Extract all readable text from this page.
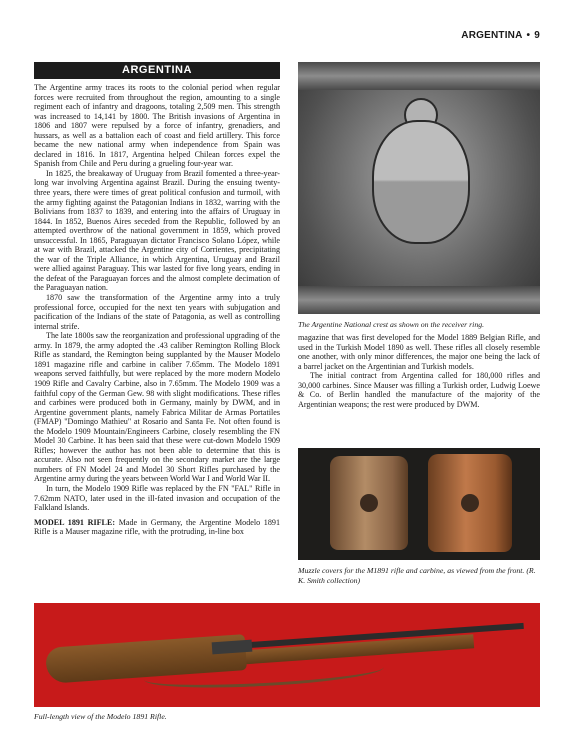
ARGENTINA • 9
ARGENTINA

The Argentine army traces its roots to the colonial period when regular forces were recruited from throughout the region, amounting to a single regiment each of infantry and dragoons, totaling 2,509 men. This strength was increased to 14,141 by 1800. The British invasions of Argentina in 1806 and 1807 were repulsed by a force of infantry, grenadiers, and hussars, as well as a battalion each of coast and field artillery. This force became the new national army when independence from Spain was declared in 1816. In 1817, Argentina helped Chilean forces expel the Spanish from Chile and Peru during a grueling four-year war.

In 1825, the breakaway of Uruguay from Brazil fomented a three-year-long war involving Argentina against Brazil. During the ensuing twenty-three years, there were times of great political confusion and turmoil, with the army fighting against the Patagonian Indians in 1832, warring with the Bolivians from 1837 to 1839, and entering into the affairs of Uruguay in 1844. In 1852, Buenos Aires seceded from the Republic, followed by an attempted overthrow of the national government in 1859, which proved unsuccessful. In 1865, Paraguayan dictator Francisco Solano López, while at war with Brazil, attacked the Argentine city of Corrientes, precipitating the war of the Triple Alliance, in which Argentina, Uruguay and Brazil were allied against Paraguay. This war lasted for five long years, ending in the defeat of the Paraguayan forces and the almost complete decimation of the Paraguayan nation.

1870 saw the transformation of the Argentine army into a truly professional force, occupied for the next ten years with subjugation and pacification of the Indians of the state of Patagonia, as well as controlling internal strife.

The late 1800s saw the reorganization and professional upgrading of the army. In 1879, the army adopted the .43 caliber Remington Rolling Block Rifle as standard, the Remington being supplanted by the Mauser Modelo 1891 magazine rifle and carbine in caliber 7.65mm. The Modelo 1891 weapons served faithfully, but were replaced by the more modern Modelo 1909 Rifle and Cavalry Carbine, also in 7.65mm. The Modelo 1909 was a faithful copy of the German Gew. 98 with slight modifications. These rifles and carbines were produced both in Germany, mainly by DWM, and in Argentine government plants, namely Fabrica Militar de Armas Portatiles (FMAP) "Domingo Mathieu" at Rosario and Santa Fe. Not often found is the Modelo 1909 Mountain/Engineers Carbine, closely resembling the FN Model 30 Carbine. It has been said that these were cut-down Modelo 1909 Rifles; however the author has not been able to determine that this is accurate. Also not seen frequently on the secondary market are the large numbers of FN Model 24 and Model 30 Short Rifles purchased by the Argentine army during the years between World War I and World War II.

In turn, the Modelo 1909 Rifle was replaced by the FN "FAL" Rifle in 7.62mm NATO, later used in the ill-fated invasion and occupation of the Falkland Islands.

MODEL 1891 RIFLE: Made in Germany, the Argentine Modelo 1891 Rifle is a Mauser magazine rifle, with the protruding, in-line box

The Argentine National crest as shown on the receiver ring.

magazine that was first developed for the Model 1889 Belgian Rifle, and used in the Turkish Model 1890 as well. These rifles all closely resemble one another, with only minor differences, the major one being the lack of a barrel jacket on the Argentinian and Turkish models.

The initial contract from Argentina called for 180,000 rifles and 30,000 carbines. Since Mauser was filling a Turkish order, Ludwig Loewe & Co. of Berlin handled the manufacture of the majority of the Argentinian weapons; the rest were produced by DWM.

Muzzle covers for the M1891 rifle and carbine, as viewed from the front. (R. K. Smith collection)
Full-length view of the Modelo 1891 Rifle.
